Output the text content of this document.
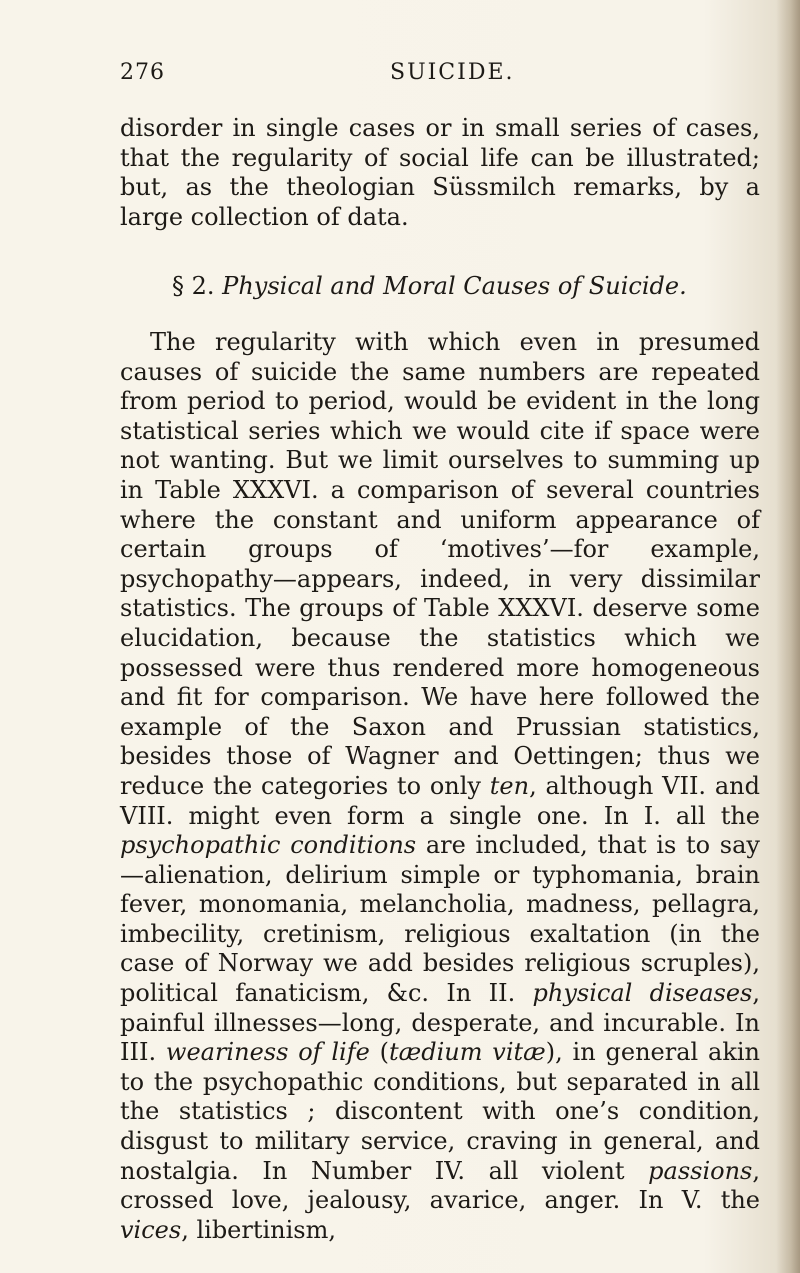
276	SUICIDE.

disorder in single cases or in small series of cases, that the regularity of social life can be illustrated; but, as the theologian Süssmilch remarks, by a large collection of data.

§ 2. Physical and Moral Causes of Suicide.

The regularity with which even in presumed causes of suicide the same numbers are repeated from period to period, would be evident in the long statistical series which we would cite if space were not wanting. But we limit ourselves to summing up in Table XXXVI. a comparison of several countries where the constant and uniform appearance of certain groups of ‘motives’—for example, psychopathy—appears, indeed, in very dissimilar statistics. The groups of Table XXXVI. deserve some elucidation, because the statistics which we possessed were thus rendered more homogeneous and fit for comparison. We have here followed the example of the Saxon and Prussian statistics, besides those of Wagner and Oettingen; thus we reduce the categories to only ten, although VII. and VIII. might even form a single one. In I. all the psychopathic conditions are included, that is to say—alienation, delirium simple or typhomania, brain fever, monomania, melancholia, madness, pellagra, imbecility, cretinism, religious exaltation (in the case of Norway we add besides religious scruples), political fanaticism, &c. In II. physical diseases, painful illnesses—long, desperate, and incurable. In III. weariness of life (tædium vitæ), in general akin to the psychopathic conditions, but separated in all the statistics ; discontent with one’s condition, disgust to military service, craving in general, and nostalgia. In Number IV. all violent passions, crossed love, jealousy, avarice, anger. In V. the vices, libertinism,
